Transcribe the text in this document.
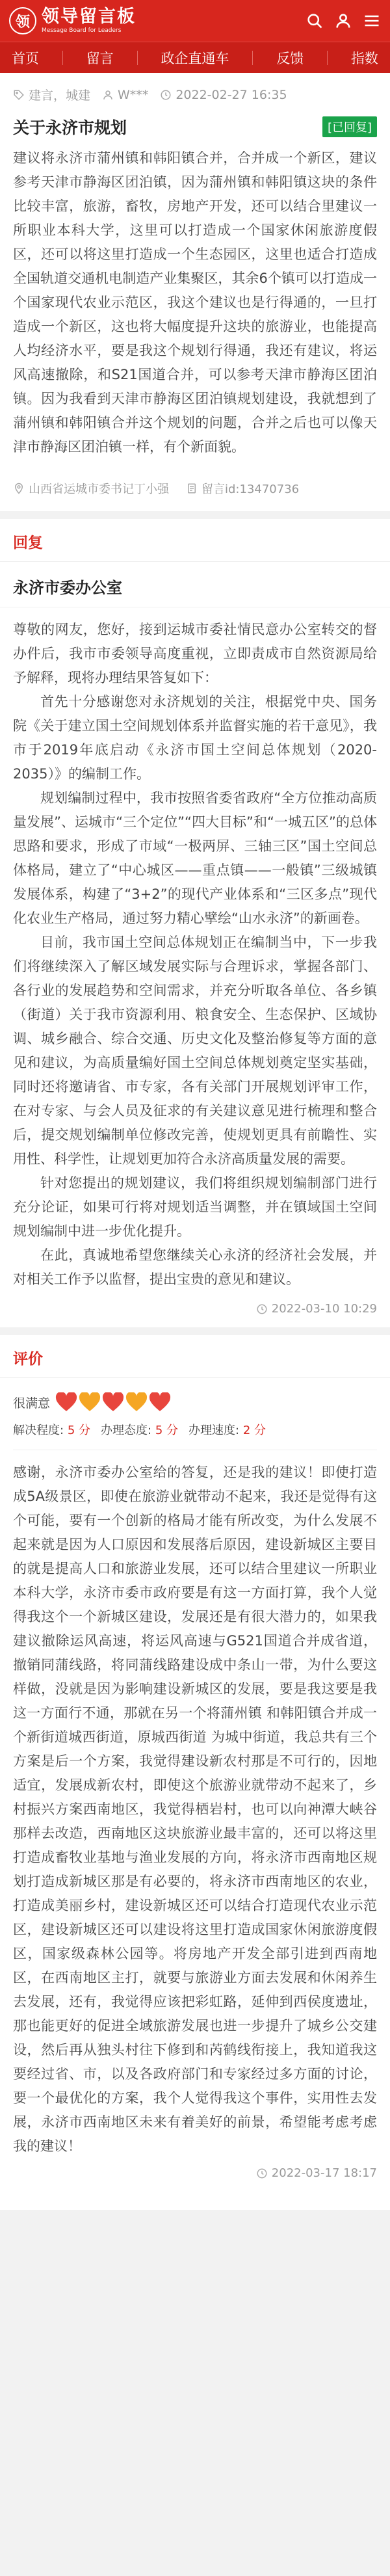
领 领导留言板
Message Board for Leaders
首页	留言	政企直通车	反馈	指数
建言，城建 W*** 2022-02-27 16:35
关于永济市规划	[已回复]
建议将永济市蒲州镇和韩阳镇合并，合并成一个新区，建议参考天津市静海区团泊镇，因为蒲州镇和韩阳镇这块的条件比较丰富，旅游，畜牧，房地产开发，还可以结合里建议一所职业本科大学，这里可以打造成一个国家休闲旅游度假区，还可以将这里打造成一个生态园区，这里也适合打造成全国轨道交通机电制造产业集聚区，其余6个镇可以打造成一个国家现代农业示范区，我这个建议也是行得通的，一旦打造成一个新区，这也将大幅度提升这块的旅游业，也能提高人均经济水平，要是我这个规划行得通，我还有建议，将运风高速撤除，和S21国道合并，可以参考天津市静海区团泊镇。因为我看到天津市静海区团泊镇规划建设，我就想到了蒲州镇和韩阳镇合并这个规划的问题，合并之后也可以像天津市静海区团泊镇一样，有个新面貌。
山西省运城市委书记丁小强	留言id:13470736
回复
永济市委办公室

尊敬的网友，您好，接到运城市委社情民意办公室转交的督办件后，我市市委领导高度重视，立即责成市自然资源局给予解释，现将办理结果答复如下：

首先十分感谢您对永济规划的关注，根据党中央、国务院《关于建立国土空间规划体系并监督实施的若干意见》，我市于2019年底启动《永济市国土空间总体规划（2020-2035）》的编制工作。

规划编制过程中，我市按照省委省政府“全方位推动高质量发展”、运城市“三个定位”“四大目标”和“一城五区”的总体思路和要求，形成了市域“一极两屏、三轴三区”国土空间总体格局，建立了“中心城区——重点镇——一般镇”三级城镇发展体系，构建了“3+2”的现代产业体系和“三区多点”现代化农业生产格局，通过努力精心擘绘“山水永济”的新画卷。

目前，我市国土空间总体规划正在编制当中，下一步我们将继续深入了解区域发展实际与合理诉求，掌握各部门、各行业的发展趋势和空间需求，并充分听取各单位、各乡镇（街道）关于我市资源利用、粮食安全、生态保护、区域协调、城乡融合、综合交通、历史文化及整治修复等方面的意见和建议，为高质量编好国土空间总体规划奠定坚实基础，同时还将邀请省、市专家，各有关部门开展规划评审工作，在对专家、与会人员及征求的有关建议意见进行梳理和整合后，提交规划编制单位修改完善，使规划更具有前瞻性、实用性、科学性，让规划更加符合永济高质量发展的需要。

针对您提出的规划建议，我们将组织规划编制部门进行充分论证，如果可行将对规划适当调整，并在镇域国土空间规划编制中进一步优化提升。

在此，真诚地希望您继续关心永济的经济社会发展，并对相关工作予以监督，提出宝贵的意见和建议。

2022-03-10 10:29
评价
很满意
解决程度: 5 分 办理态度: 5 分 办理速度: 2 分
感谢，永济市委办公室给的答复，还是我的建议！即使打造成5A级景区，即使在旅游业就带动不起来，我还是觉得有这个可能，要有一个创新的格局才能有所改变，为什么发展不起来就是因为人口原因和发展落后原因，建设新城区主要目的就是提高人口和旅游业发展，还可以结合里建议一所职业本科大学，永济市委市政府要是有这一方面打算，我个人觉得我这个一个新城区建设，发展还是有很大潜力的，如果我建议撤除运风高速，将运风高速与G521国道合并成省道，撤销同蒲线路，将同蒲线路建设成中条山一带，为什么要这样做，没就是因为影响建设新城区的发展，要是我这要是我这一方面行不通，那就在另一个将蒲州镇 和韩阳镇合并成一个新街道城西街道，原城西街道 为城中街道，我总共有三个方案是后一个方案，我觉得建设新农村那是不可行的，因地适宜，发展成新农村，即使这个旅游业就带动不起来了，乡村振兴方案西南地区，我觉得栖岩村，也可以向神潭大峡谷那样去改造，西南地区这块旅游业最丰富的，还可以将这里打造成畜牧业基地与渔业发展的方向，将永济市西南地区规划打造成新城区那是有必要的，将永济市西南地区的农业，打造成美丽乡村，建设新城区还可以结合打造现代农业示范区，建设新城区还可以建设将这里打造成国家休闲旅游度假区，国家级森林公园等。将房地产开发全部引进到西南地区，在西南地区主打，就要与旅游业方面去发展和休闲养生去发展，还有，我觉得应该把彩虹路，延伸到西侯度遗址，那也能更好的促进全域旅游发展也进一步提升了城乡公交建设，然后再从独头村往下修到和芮鹤线衔接上，我知道我这要经过省、市，以及各政府部门和专家经过多方面的讨论，要一个最优化的方案，我个人觉得我这个事件，实用性去发展，永济市西南地区未来有着美好的前景，希望能考虑考虑我的建议！
2022-03-17 18:17
